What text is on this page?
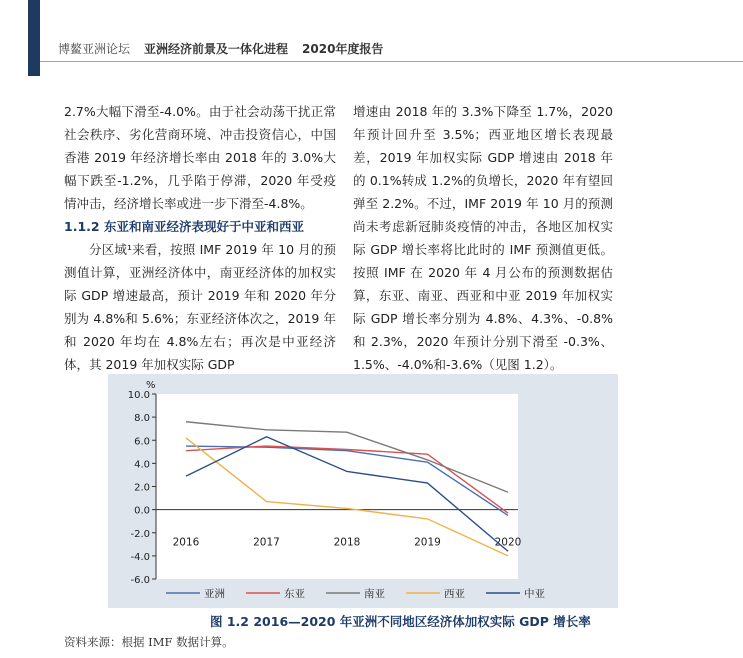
博鳌亚洲论坛 亚洲经济前景及一体化进程 2020年度报告

2.7%大幅下滑至-4.0%。由于社会动荡干扰正常社会秩序、劣化营商环境、冲击投资信心，中国香港 2019 年经济增长率由 2018 年的 3.0%大幅下跌至-1.2%，几乎陷于停滞，2020 年受疫情冲击，经济增长率或进一步下滑至-4.8%。

1.1.2 东亚和南亚经济表现好于中亚和西亚

分区域¹来看，按照 IMF 2019 年 10 月的预测值计算，亚洲经济体中，南亚经济体的加权实际 GDP 增速最高，预计 2019 年和 2020 年分别为 4.8%和 5.6%；东亚经济体次之，2019 年和 2020 年均在 4.8%左右；再次是中亚经济体，其 2019 年加权实际 GDP

增速由 2018 年的 3.3%下降至 1.7%，2020 年预计回升至 3.5%；西亚地区增长表现最差，2019 年加权实际 GDP 增速由 2018 年的 0.1%转成 1.2%的负增长，2020 年有望回弹至 2.2%。不过，IMF 2019 年 10 月的预测尚未考虑新冠肺炎疫情的冲击，各地区加权实际 GDP 增长率将比此时的 IMF 预测值更低。按照 IMF 在 2020 年 4 月公布的预测数据估算，东亚、南亚、西亚和中亚 2019 年加权实际 GDP 增长率分别为 4.8%、4.3%、-0.8%和 2.3%，2020 年预计分别下滑至 -0.3%、1.5%、-4.0%和-3.6%（见图 1.2）。

10.0
8.0
6.0
4.0
2.0
0.0
-2.0
-4.0
-6.0
%
2016	2017	2018	2019	2020
亚洲	东亚	南亚	西亚	中亚
图 1.2 2016—2020 年亚洲不同地区经济体加权实际 GDP 增长率
资料来源：根据 IMF 数据计算。
